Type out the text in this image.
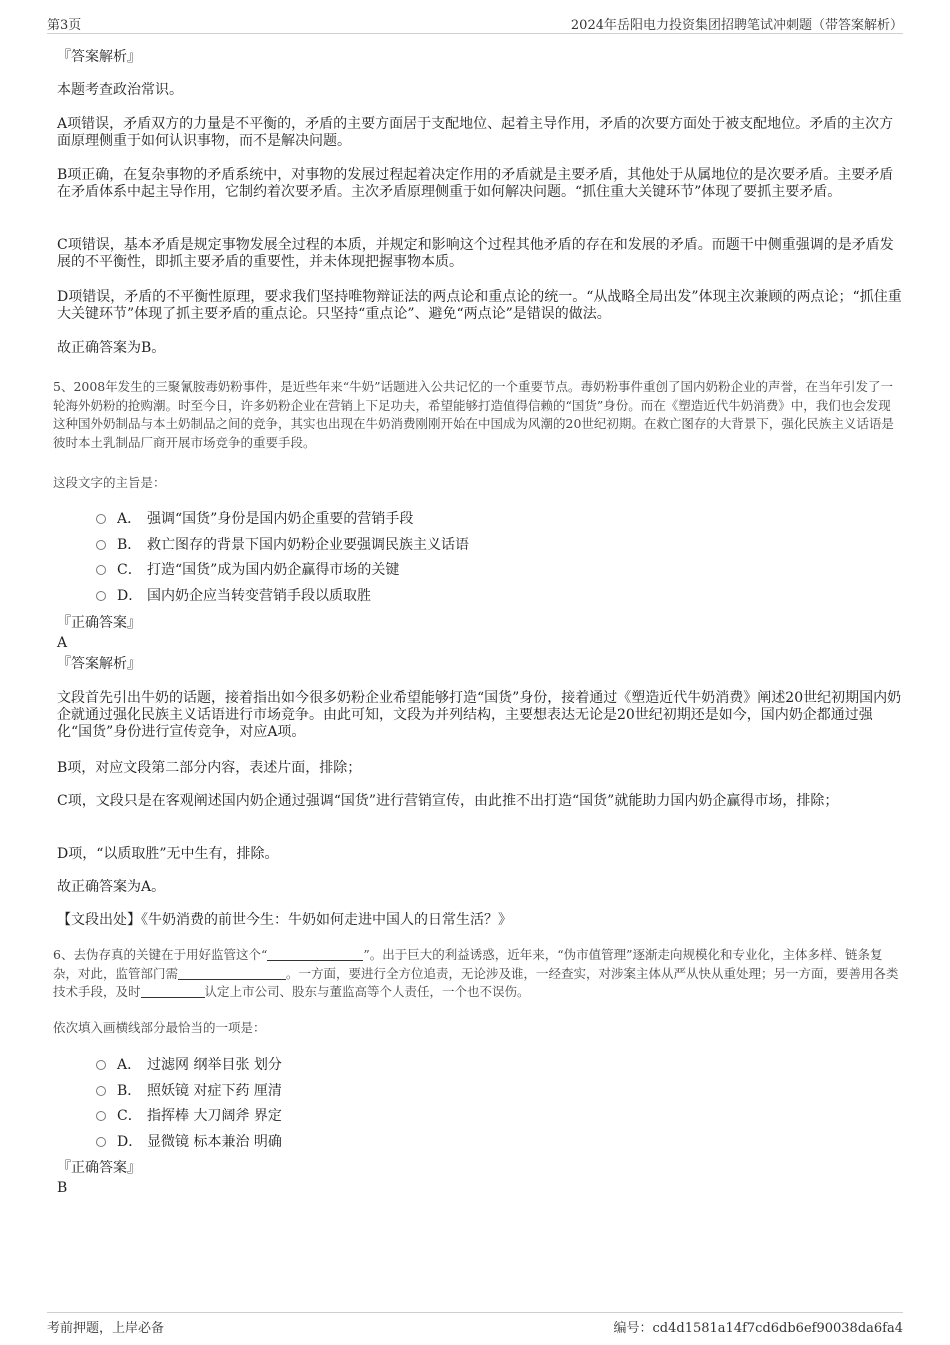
第3页	2024年岳阳电力投资集团招聘笔试冲刺题（带答案解析）
『答案解析』
本题考查政治常识。
A项错误，矛盾双方的力量是不平衡的，矛盾的主要方面居于支配地位、起着主导作用，矛盾的次要方面处于被支配地位。矛盾的主次方面原理侧重于如何认识事物，而不是解决问题。
B项正确，在复杂事物的矛盾系统中，对事物的发展过程起着决定作用的矛盾就是主要矛盾，其他处于从属地位的是次要矛盾。主要矛盾在矛盾体系中起主导作用，它制约着次要矛盾。主次矛盾原理侧重于如何解决问题。“抓住重大关键环节”体现了要抓主要矛盾。
C项错误，基本矛盾是规定事物发展全过程的本质，并规定和影响这个过程其他矛盾的存在和发展的矛盾。而题干中侧重强调的是矛盾发展的不平衡性，即抓主要矛盾的重要性，并未体现把握事物本质。
D项错误，矛盾的不平衡性原理，要求我们坚持唯物辩证法的两点论和重点论的统一。“从战略全局出发”体现主次兼顾的两点论；“抓住重大关键环节”体现了抓主要矛盾的重点论。只坚持“重点论”、避免“两点论”是错误的做法。
故正确答案为B。
5、2008年发生的三聚氰胺毒奶粉事件，是近些年来“牛奶”话题进入公共记忆的一个重要节点。毒奶粉事件重创了国内奶粉企业的声誉，在当年引发了一轮海外奶粉的抢购潮。时至今日，许多奶粉企业在营销上下足功夫，希望能够打造值得信赖的“国货”身份。而在《塑造近代牛奶消费》中，我们也会发现这种国外奶制品与本土奶制品之间的竞争，其实也出现在牛奶消费刚刚开始在中国成为风潮的20世纪初期。在救亡图存的大背景下，强化民族主义话语是彼时本土乳制品厂商开展市场竞争的重要手段。
这段文字的主旨是：
A． 强调“国货”身份是国内奶企重要的营销手段
B． 救亡图存的背景下国内奶粉企业要强调民族主义话语
C． 打造“国货”成为国内奶企赢得市场的关键
D． 国内奶企应当转变营销手段以质取胜
『正确答案』
A
『答案解析』
文段首先引出牛奶的话题，接着指出如今很多奶粉企业希望能够打造“国货”身份，接着通过《塑造近代牛奶消费》阐述20世纪初期国内奶企就通过强化民族主义话语进行市场竞争。由此可知，文段为并列结构，主要想表达无论是20世纪初期还是如今，国内奶企都通过强化“国货”身份进行宣传竞争，对应A项。
B项，对应文段第二部分内容，表述片面，排除；
C项，文段只是在客观阐述国内奶企通过强调“国货”进行营销宣传，由此推不出打造“国货”就能助力国内奶企赢得市场，排除；
D项，“以质取胜”无中生有，排除。
故正确答案为A。
【文段出处】《牛奶消费的前世今生：牛奶如何走进中国人的日常生活？》
6、去伪存真的关键在于用好监管这个“	”。出于巨大的利益诱惑，近年来，“伪市值管理”逐渐走向规模化和专业化，主体多样、链条复杂，对此，监管部门需	。一方面，要进行全方位追责，无论涉及谁，一经查实，对涉案主体从严从快从重处理；另一方面，要善用各类技术手段，及时	认定上市公司、股东与董监高等个人责任，一个也不误伤。
依次填入画横线部分最恰当的一项是：
A． 过滤网 纲举目张 划分
B． 照妖镜 对症下药 厘清
C． 指挥棒 大刀阔斧 界定
D． 显微镜 标本兼治 明确
『正确答案』
B
考前押题，上岸必备	编号：cd4d1581a14f7cd6db6ef90038da6fa4
